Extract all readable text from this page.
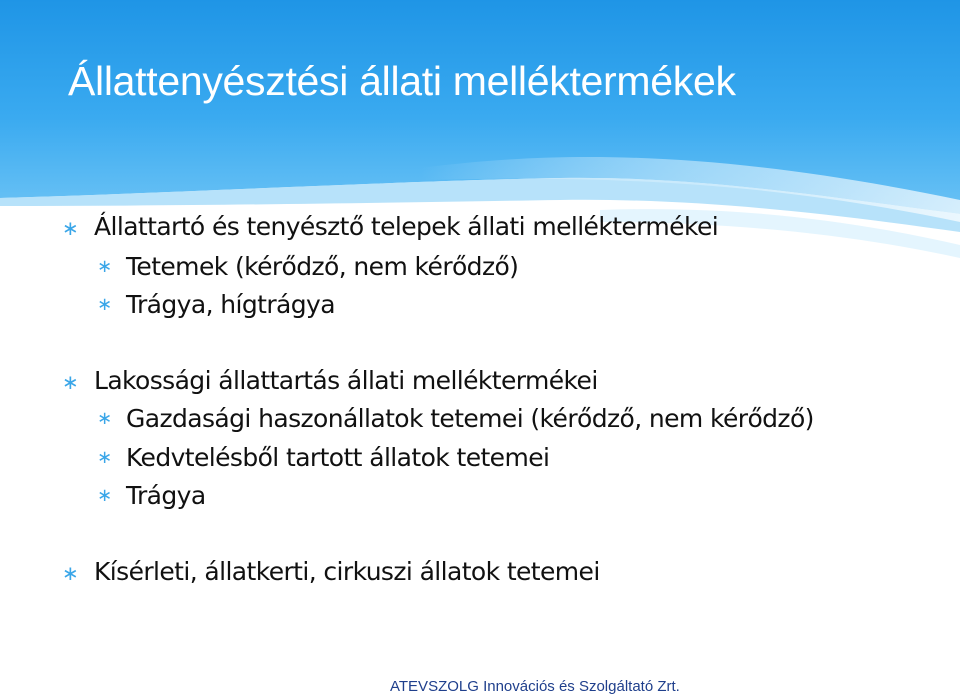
Állattenyésztési állati melléktermékek
∗ Állattartó és tenyésztő telepek állati melléktermékei
∗ Tetemek (kérődző, nem kérődző)
∗ Trágya, hígtrágya
∗ Lakossági állattartás állati melléktermékei
∗ Gazdasági haszonállatok tetemei (kérődző, nem kérődző)
∗ Kedvtelésből tartott állatok tetemei
∗ Trágya
∗ Kísérleti, állatkerti, cirkuszi állatok tetemei
ATEVSZOLG Innovációs és Szolgáltató Zrt.
